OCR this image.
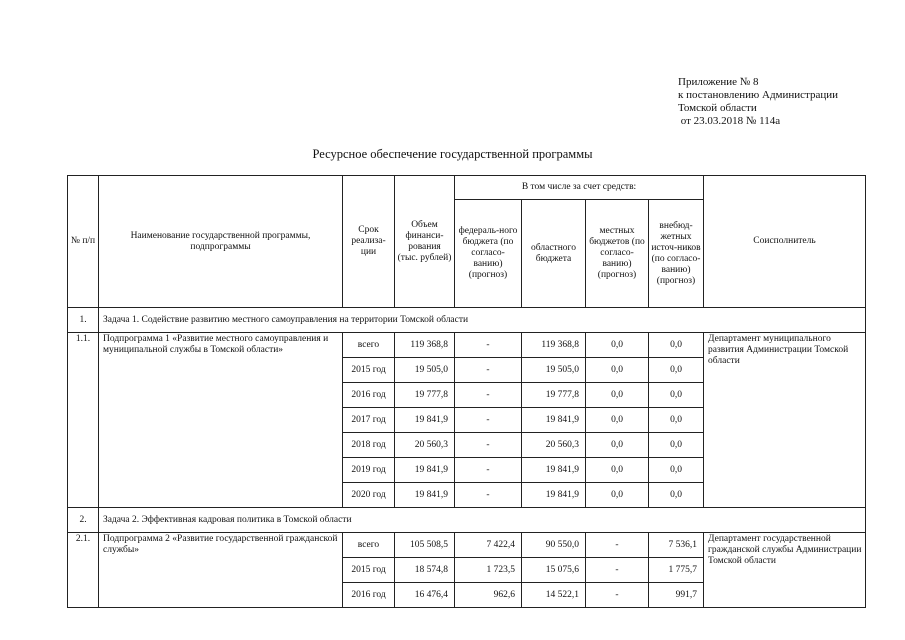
Приложение № 8
к постановлению Администрации
Томской области
от 23.03.2018 № 114а
Ресурсное обеспечение государственной программы
№ п/п	Наименование государственной программы, подпрограммы	Срок реализа-ции	Объем финанси-рования (тыс. рублей)	В том числе за счет средств:				Соисполнитель
				федераль-ного бюджета (по согласо-ванию) (прогноз)	областного бюджета	местных бюджетов (по согласо-ванию) (прогноз)	внебюд-жетных источ-ников (по согласо-ванию) (прогноз)	
1.	Задача 1. Содействие развитию местного самоуправления на территории Томской области							
1.1.	Подпрограмма 1 «Развитие местного самоуправления и муниципальной службы в Томской области»	всего	119 368,8	-	119 368,8	0,0	0,0	Департамент муниципального развития Администрации Томской области
		2015 год	19 505,0	-	19 505,0	0,0	0,0	
		2016 год	19 777,8	-	19 777,8	0,0	0,0	
		2017 год	19 841,9	-	19 841,9	0,0	0,0	
		2018 год	20 560,3	-	20 560,3	0,0	0,0	
		2019 год	19 841,9	-	19 841,9	0,0	0,0	
		2020 год	19 841,9	-	19 841,9	0,0	0,0	
2.	Задача 2. Эффективная кадровая политика в Томской области							
2.1.	Подпрограмма 2 «Развитие государственной гражданской службы»	всего	105 508,5	7 422,4	90 550,0	-	7 536,1	Департамент государственной гражданской службы Администрации Томской области
		2015 год	18 574,8	1 723,5	15 075,6	-	1 775,7	
		2016 год	16 476,4	962,6	14 522,1	-	991,7	
